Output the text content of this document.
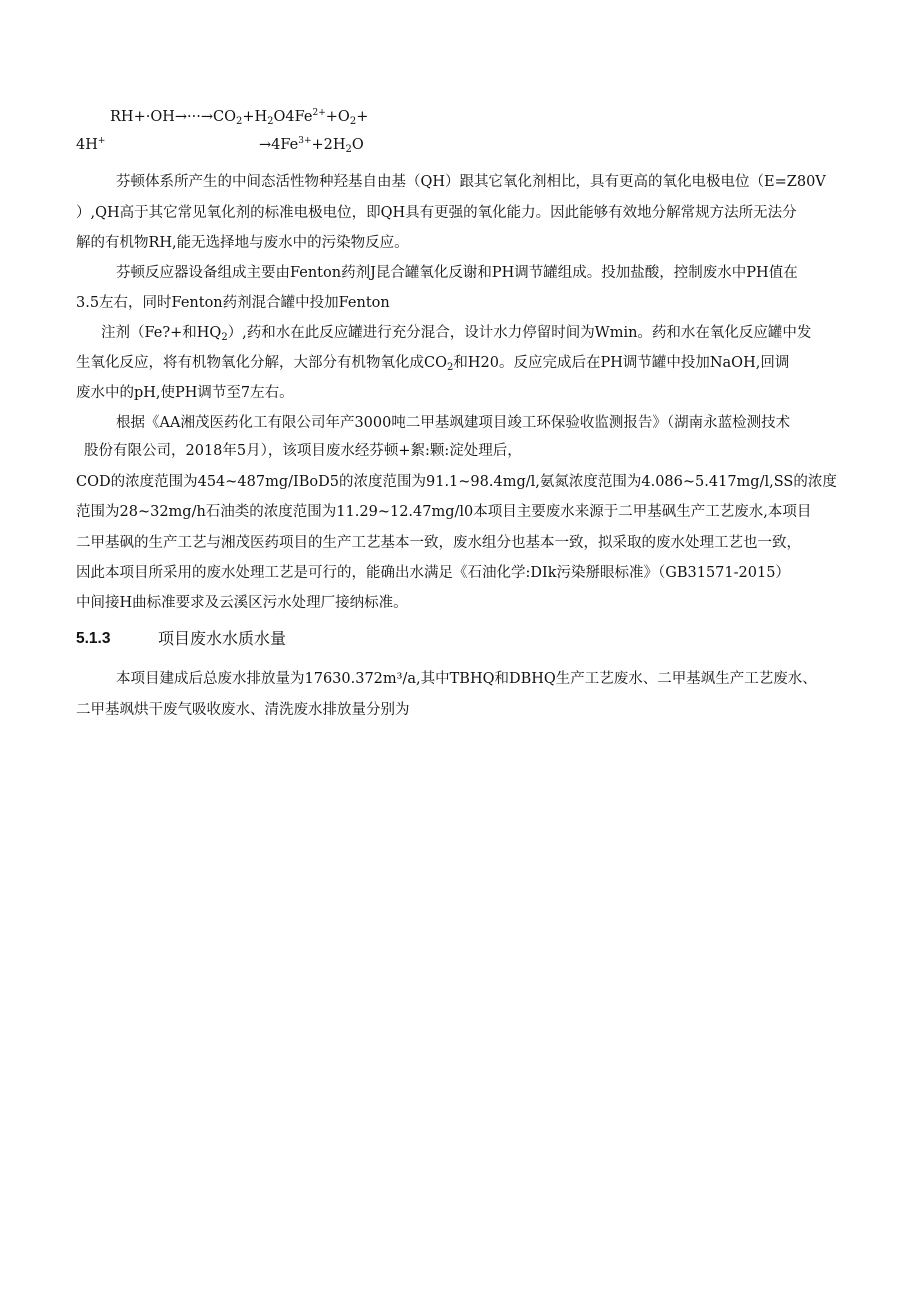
$RH+\cdot OH\to\cdot\cdot\cdot\to CO_2+H_2O4Fe^{2+}+O_2+$
4H+	$\to 4Fe^{3+}+2H_2O$
芬顿体系所产生的中间态活性物种羟基自由基（QH）跟其它氧化剂相比，具有更高的氧化电极电位（E=Z80V
）,QH高于其它常见氧化剂的标准电极电位，即QH具有更强的氧化能力。因此能够有效地分解常规方法所无法分
解的有机物RH,能无选择地与废水中的污染物反应。
芬顿反应器设备组成主要由Fenton药剂J昆合罐氧化反谢和PH调节罐组成。投加盐酸，控制废水中PH值在
3.5左右，同时Fenton药剂混合罐中投加Fenton
注剂（Fe?+和$HQ_2$）,药和水在此反应罐进行充分混合，设计水力停留时间为Wmin。药和水在氧化反应罐中发
生氧化反应，将有机物氧化分解，大部分有机物氧化成$CO_2$和H20。反应完成后在PH调节罐中投加NaOH,回调
废水中的pH,使PH调节至7左右。
根据《AA湘茂医药化工有限公司年产3000吨二甲基飒建项目竣工环保验收监测报告》（湖南永蓝检测技术
股份有限公司，2018年5月），该项目废水经芬顿+絮:颗:淀处理后，
COD的浓度范围为454~487mg/IBoD5的浓度范围为91.1~98.4mg/l,氨氮浓度范围为4.086~5.417mg/l,SS的浓度
范围为28~32mg/h石油类的浓度范围为11.29~12.47mg/l0本项目主要废水来源于二甲基砜生产工艺废水,本项目
二甲基砜的生产工艺与湘茂医药项目的生产工艺基本一致，废水组分也基本一致，拟采取的废水处理工艺也一致，
因此本项目所采用的废水处理工艺是可行的，能确出水满足《石油化学:DIk污染掰眼标准》（GB31571-2015）
中间接H曲标准要求及云溪区污水处理厂接纳标准。
5.1.3	项目废水水质水量
本项目建成后总废水排放量为17630.372m³/a,其中TBHQ和DBHQ生产工艺废水、二甲基飒生产工艺废水、
二甲基飒烘干废气吸收废水、清洗废水排放量分别为
